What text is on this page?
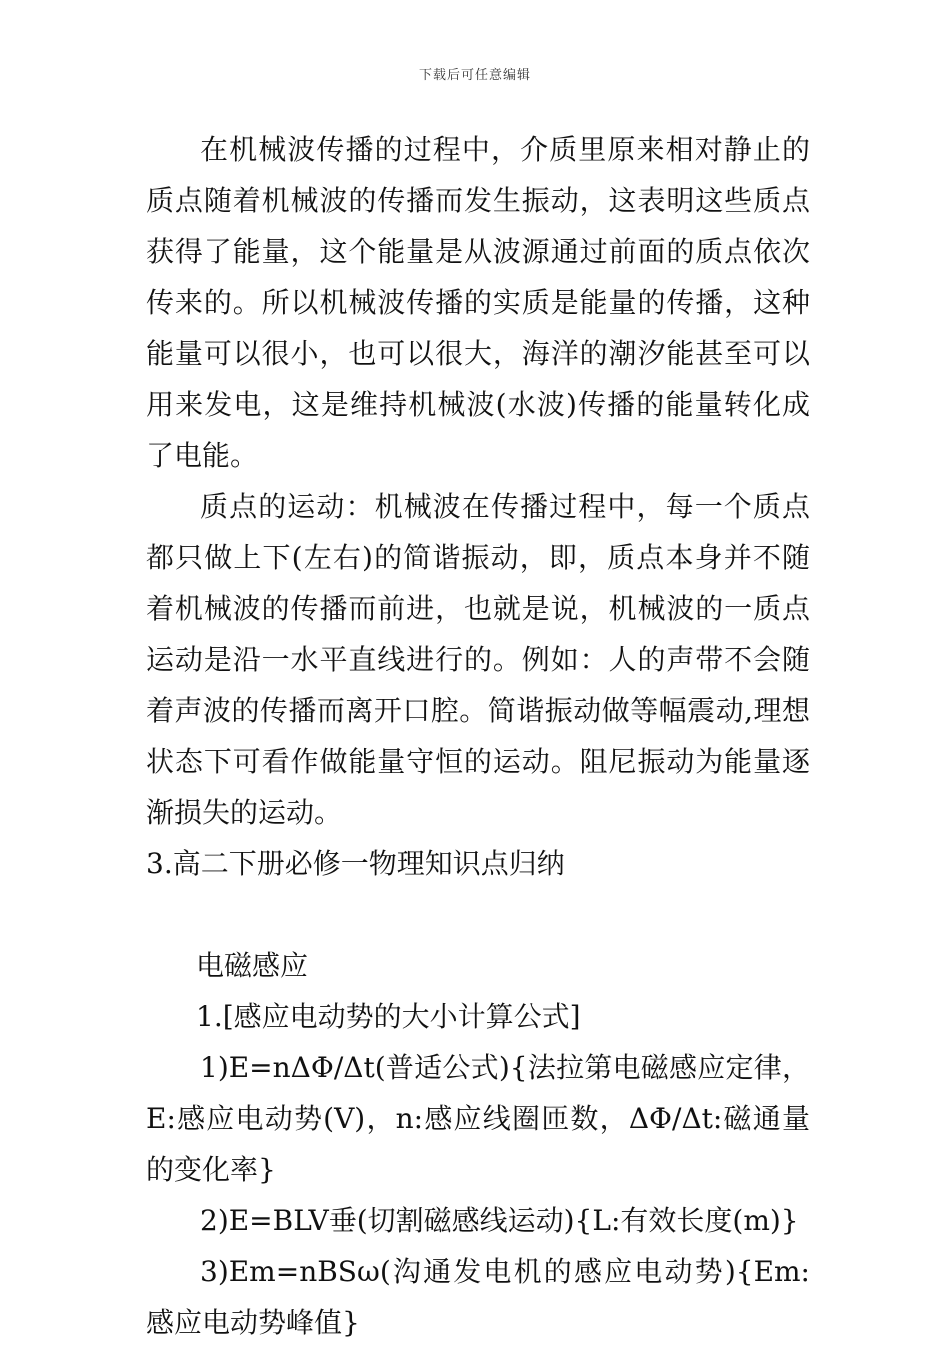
下载后可任意编辑

在机械波传播的过程中，介质里原来相对静止的质点随着机械波的传播而发生振动，这表明这些质点获得了能量，这个能量是从波源通过前面的质点依次传来的。所以机械波传播的实质是能量的传播，这种能量可以很小，也可以很大，海洋的潮汐能甚至可以用来发电，这是维持机械波(水波)传播的能量转化成了电能。

质点的运动：机械波在传播过程中，每一个质点都只做上下(左右)的简谐振动，即，质点本身并不随着机械波的传播而前进，也就是说，机械波的一质点运动是沿一水平直线进行的。例如：人的声带不会随着声波的传播而离开口腔。简谐振动做等幅震动,理想状态下可看作做能量守恒的运动。阻尼振动为能量逐渐损失的运动。

3.高二下册必修一物理知识点归纳

电磁感应

1.[感应电动势的大小计算公式]

1)E=nΔΦ/Δt(普适公式){法拉第电磁感应定律，E:感应电动势(V)，n:感应线圈匝数，ΔΦ/Δt:磁通量的变化率}

2)E=BLV垂(切割磁感线运动){L:有效长度(m)}

3)Em=nBSω(沟通发电机的感应电动势){Em:感应电动势峰值}
